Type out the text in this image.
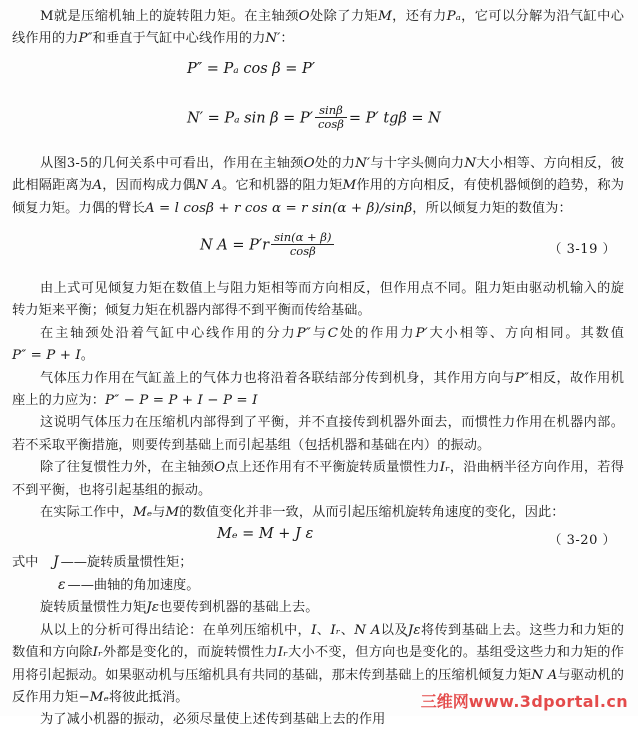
M就是压缩机轴上的旋转阻力矩。在主轴颈O处除了力矩M，还有力Pₐ，它可以分解为沿气缸中心线作用的力P″和垂直于气缸中心线作用的力N′：

P″ = Pₐ cos β = P′
N′ = Pₐ $\sin \beta = P' \frac{\sin\beta}{\cos\beta} = P'$ tgβ = N

从图3-5的几何关系中可看出，作用在主轴颈O处的力N′与十字头侧向力N大小相等、方向相反，彼此相隔距离为A，因而构成力偶N A。它和机器的阻力矩M作用的方向相反，有使机器倾倒的趋势，称为倾复力矩。力偶的臂长A = l cosβ + r cos α = r sin(α + β)/sinβ，所以倾复力矩的数值为：

N $A = P'r \frac{\sin(\alpha + \beta)}{\cos\beta}$	（ 3-19 ）

由上式可见倾复力矩在数值上与阻力矩相等而方向相反，但作用点不同。阻力矩由驱动机输入的旋转力矩来平衡；倾复力矩在机器内部得不到平衡而传给基础。

在主轴颈处沿着气缸中心线作用的分力P″与C处的作用力P′大小相等、方向相同。其数值P″ = P + I。

气体压力作用在气缸盖上的气体力也将沿着各联结部分传到机身，其作用方向与P″相反，故作用机座上的力应为：P″ − P = P + I − P = I

这说明气体压力在压缩机内部得到了平衡，并不直接传到机器外面去，而惯性力作用在机器内部。若不采取平衡措施，则要传到基础上而引起基组（包括机器和基础在内）的振动。

除了往复惯性力外，在主轴颈O点上还作用有不平衡旋转质量惯性力Iᵣ，沿曲柄半径方向作用，若得不到平衡，也将引起基组的振动。

在实际工作中，Mₑ与M的数值变化并非一致，从而引起压缩机旋转角速度的变化，因此：

Mₑ = M + J ε	（ 3-20 ）
式中 J ——旋转质量惯性矩；
ε ——曲轴的角加速度。

旋转质量惯性力矩Jε也要传到机器的基础上去。

从以上的分析可得出结论：在单列压缩机中，I、Iᵣ、N A以及Jε将传到基础上去。这些力和力矩的数值和方向除Iᵣ外都是变化的，而旋转惯性力Iᵣ大小不变，但方向也是变化的。基组受这些力和力矩的作用将引起振动。如果驱动机与压缩机具有共同的基础，那末传到基础上的压缩机倾复力矩N A与驱动机的反作用力矩−Mₑ将彼此抵消。

为了减小机器的振动，必须尽量使上述传到基础上去的作用

三维网www.3dportal.cn
